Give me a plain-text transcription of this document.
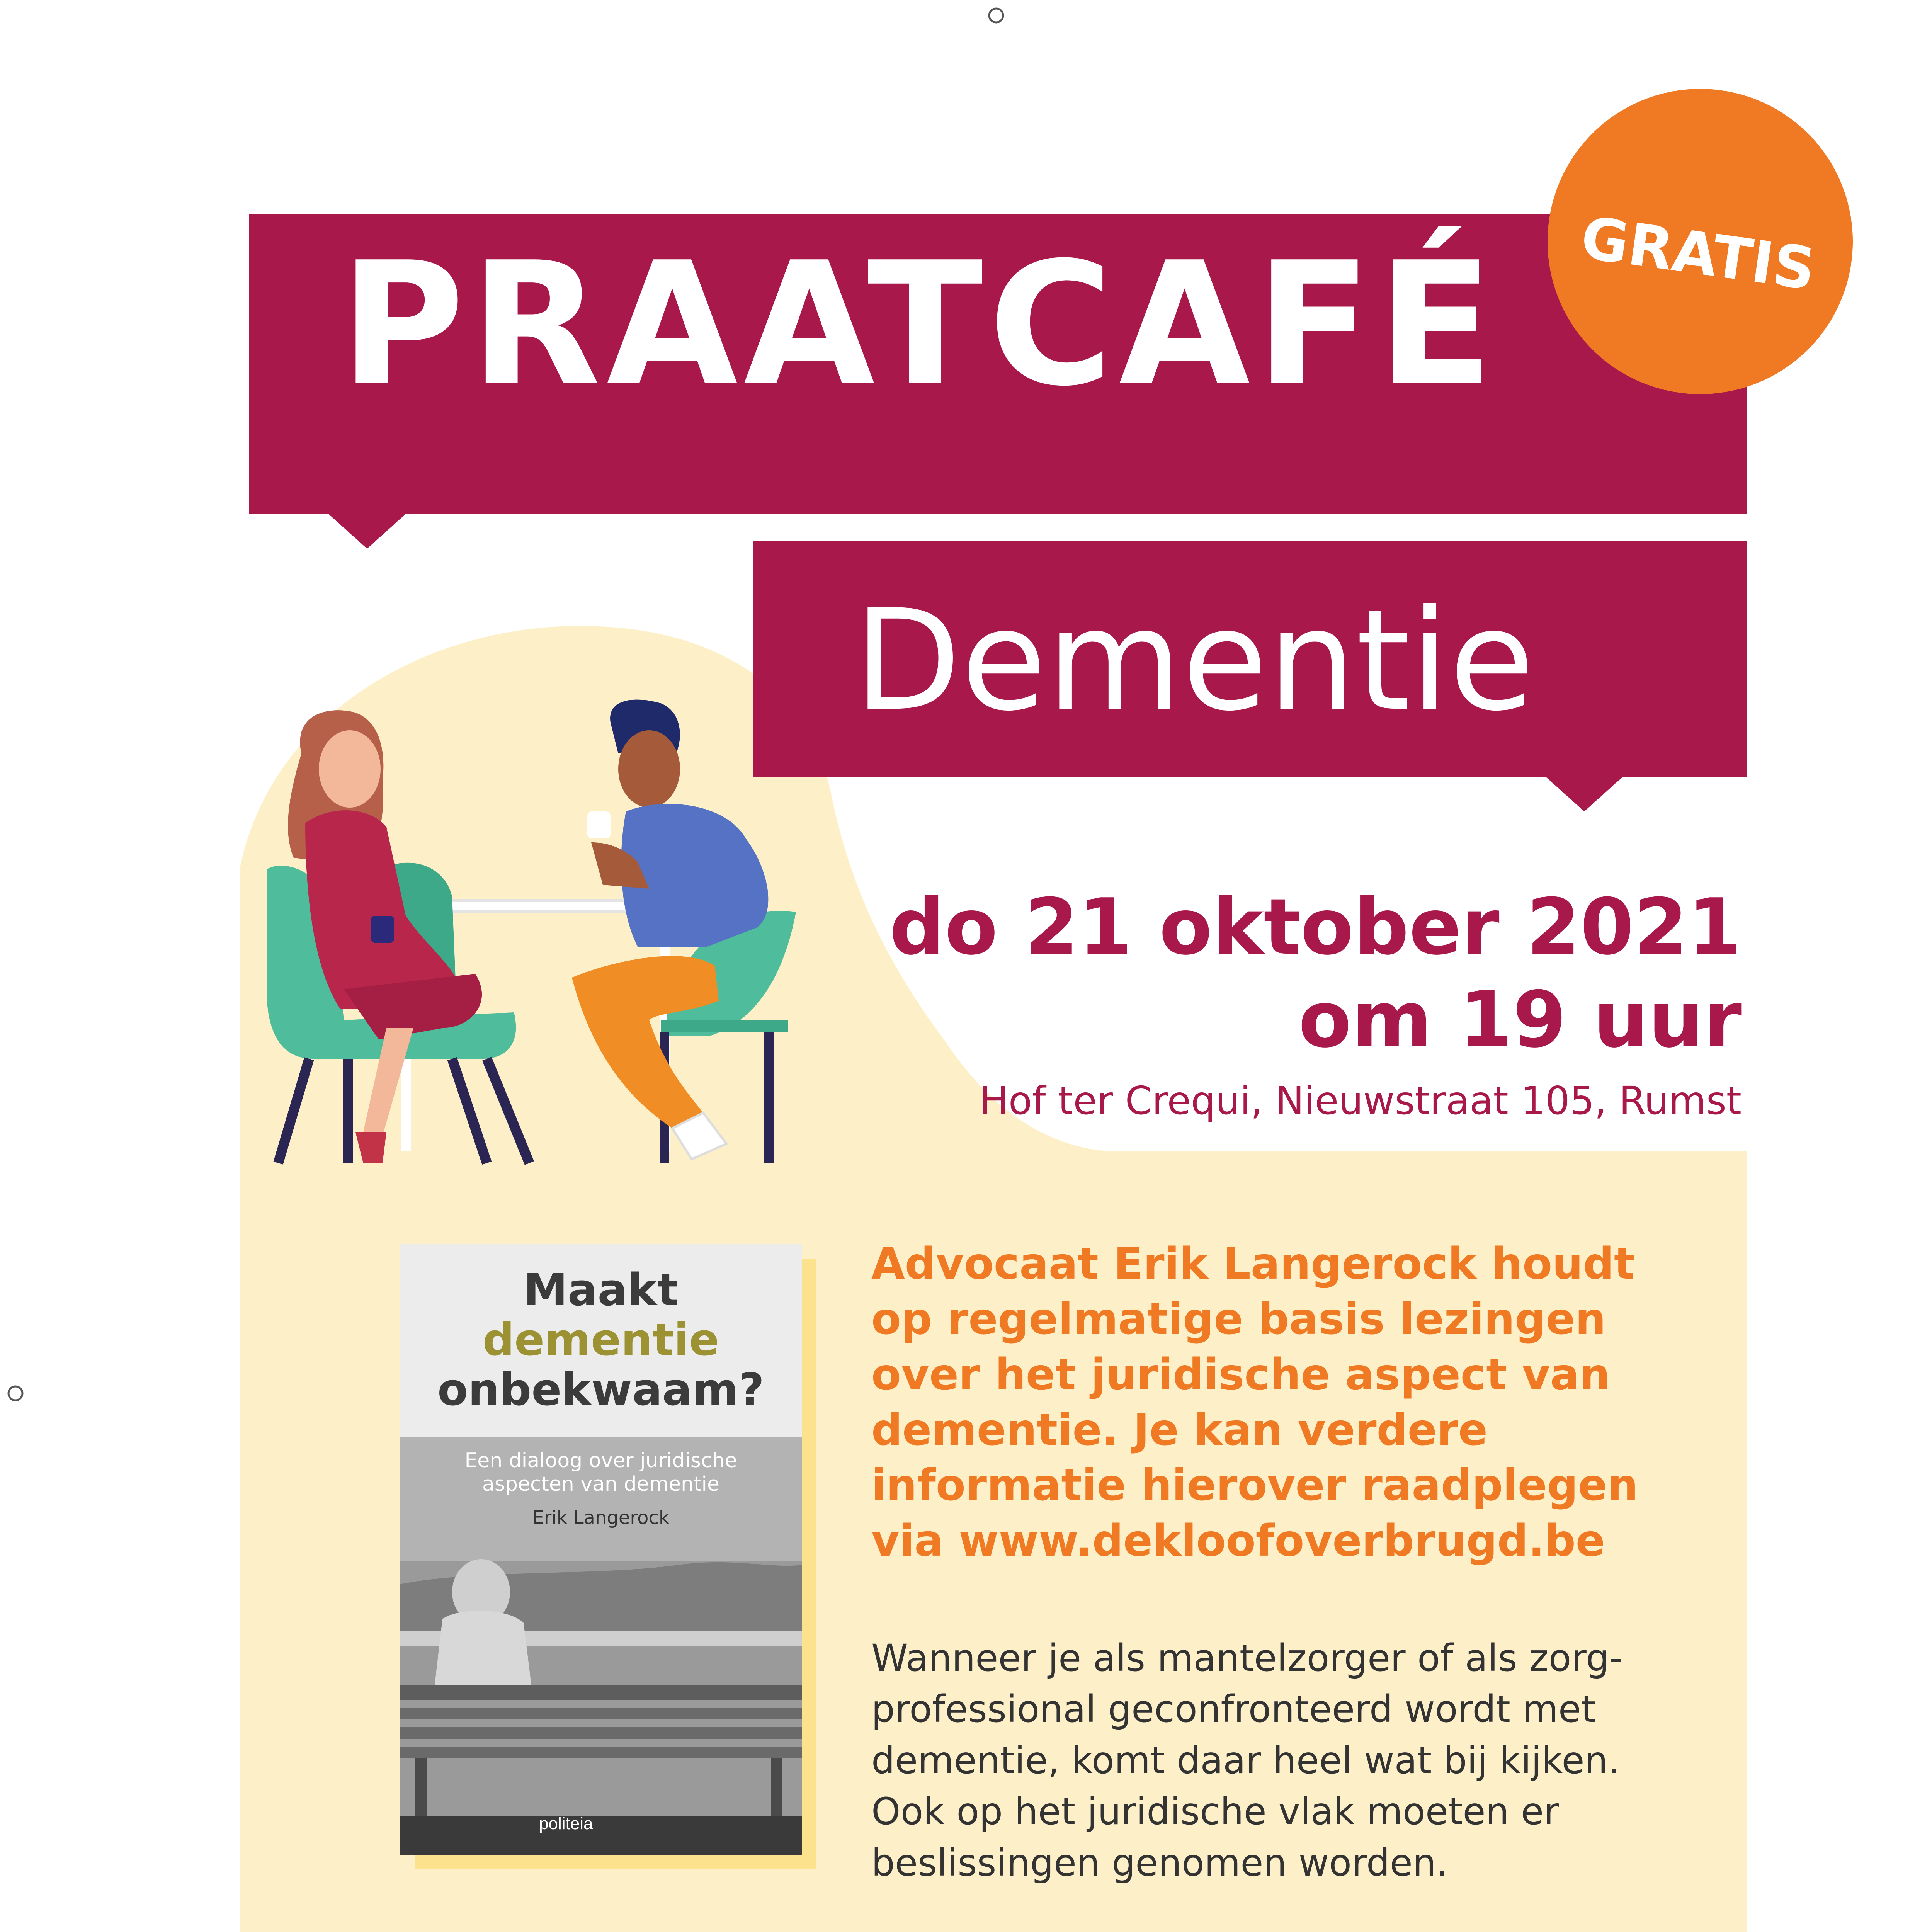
PRAATCAFÉ
Dementie
GRATIS
do 21 oktober 2021
om 19 uur
Hof ter Crequi, Nieuwstraat 105, Rumst
Maakt
dementie
onbekwaam?
Een dialoog over juridische
aspecten van dementie
Erik Langerock
politeia
Advocaat Erik Langerock houdt
op regelmatige basis lezingen
over het juridische aspect van
dementie. Je kan verdere
informatie hierover raadplegen
via www.dekloofoverbrugd.be
Wanneer je als mantelzorger of als zorg-
professional geconfronteerd wordt met
dementie, komt daar heel wat bij kijken.
Ook op het juridische vlak moeten er
beslissingen genomen worden.
